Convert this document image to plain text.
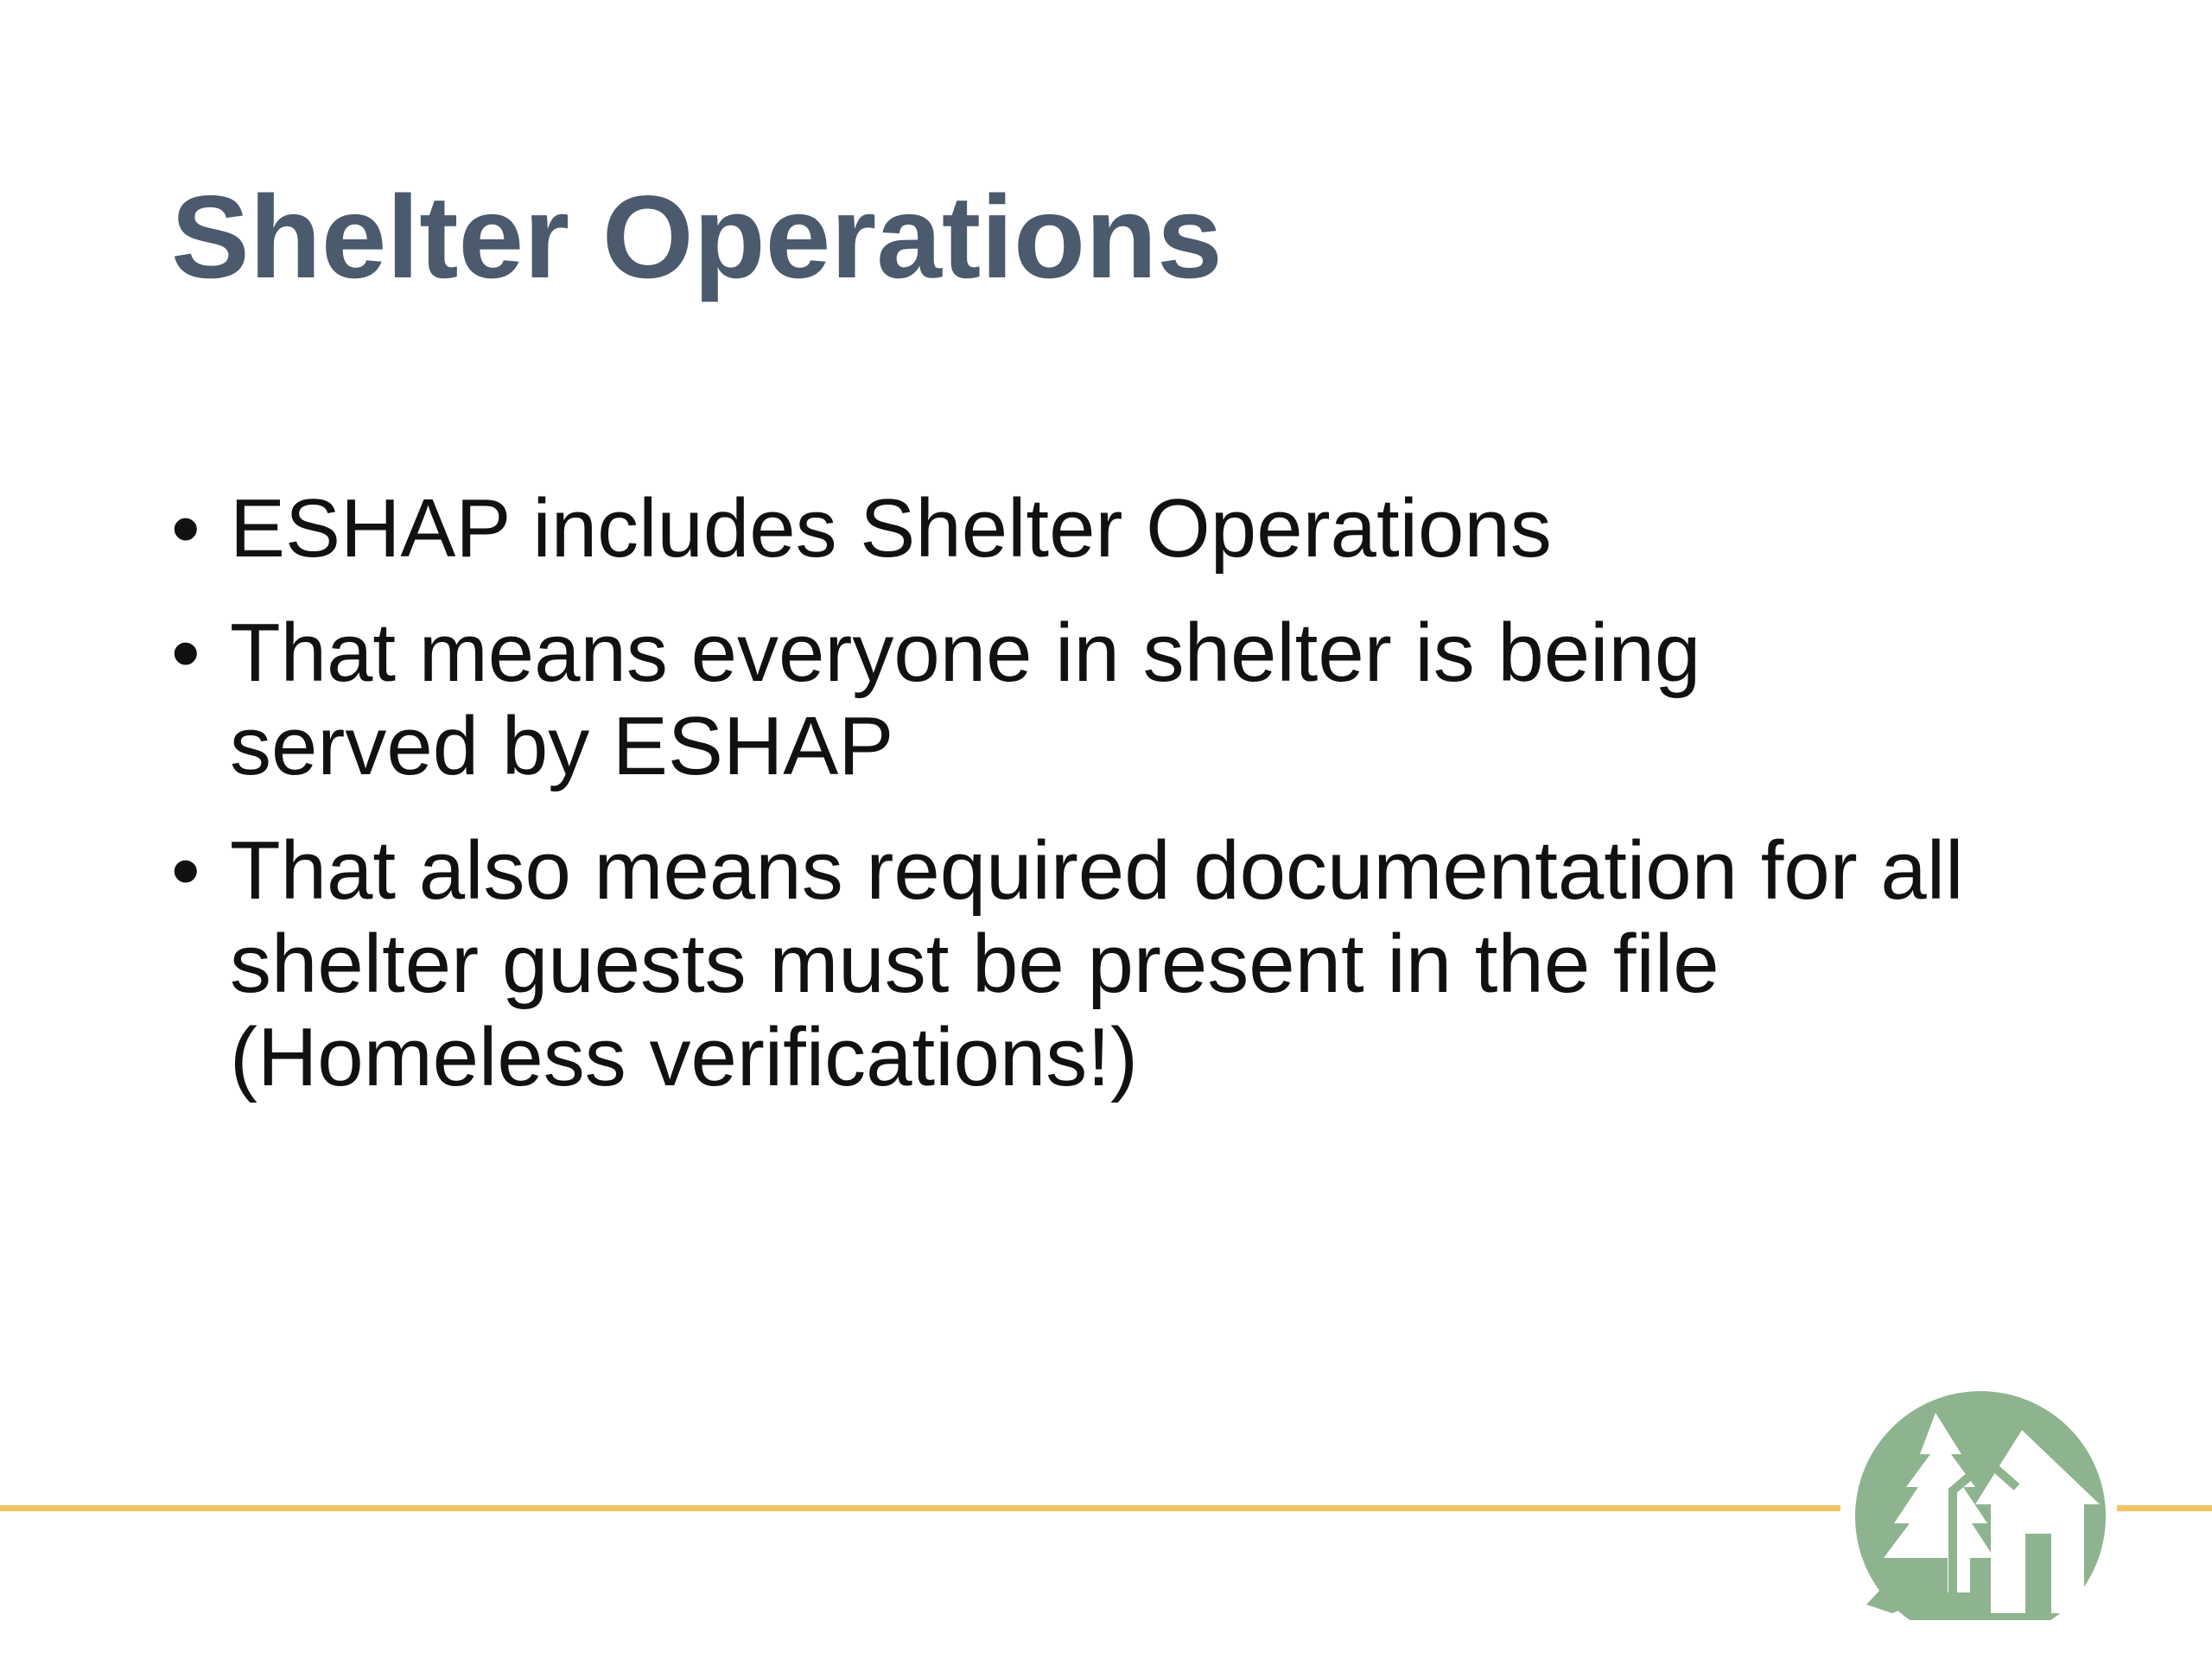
Shelter Operations
• ESHAP includes Shelter Operations
• That means everyone in shelter is being
served by ESHAP
• That also means required documentation for all
shelter guests must be present in the file
(Homeless verifications!)
